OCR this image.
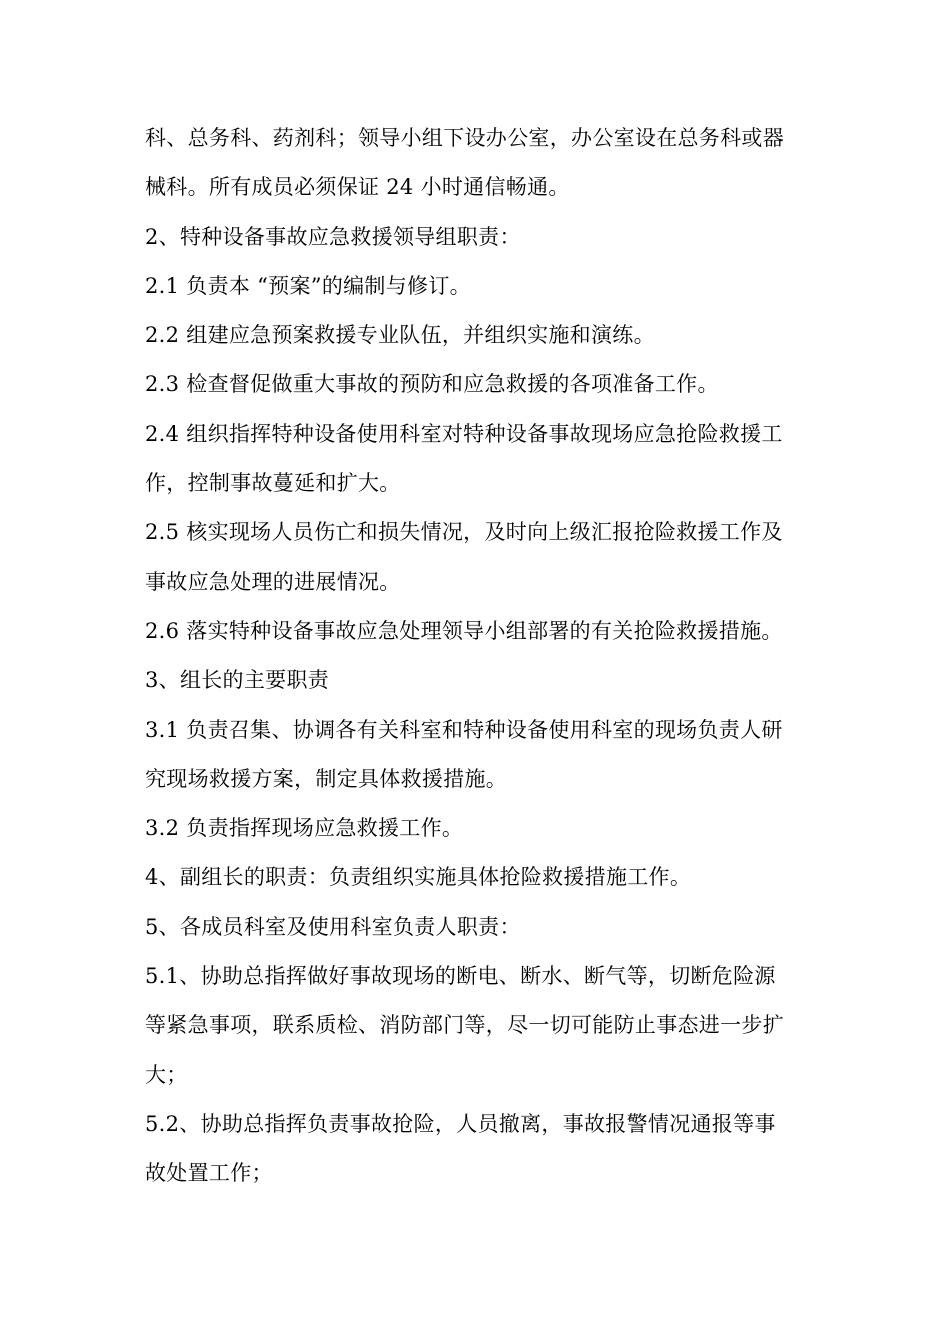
科、总务科、药剂科；领导小组下设办公室，办公室设在总务科或器
械科。所有成员必须保证 24 小时通信畅通。
2、特种设备事故应急救援领导组职责：
2.1 负责本 “预案”的编制与修订。
2.2 组建应急预案救援专业队伍，并组织实施和演练。
2.3 检查督促做重大事故的预防和应急救援的各项准备工作。
2.4 组织指挥特种设备使用科室对特种设备事故现场应急抢险救援工
作，控制事故蔓延和扩大。
2.5 核实现场人员伤亡和损失情况，及时向上级汇报抢险救援工作及
事故应急处理的进展情况。
2.6 落实特种设备事故应急处理领导小组部署的有关抢险救援措施。
3、组长的主要职责
3.1 负责召集、协调各有关科室和特种设备使用科室的现场负责人研
究现场救援方案，制定具体救援措施。
3.2 负责指挥现场应急救援工作。
4、副组长的职责：负责组织实施具体抢险救援措施工作。
5、各成员科室及使用科室负责人职责：
5.1、协助总指挥做好事故现场的断电、断水、断气等，切断危险源
等紧急事项，联系质检、消防部门等，尽一切可能防止事态进一步扩
大；
5.2、协助总指挥负责事故抢险，人员撤离，事故报警情况通报等事
故处置工作；
